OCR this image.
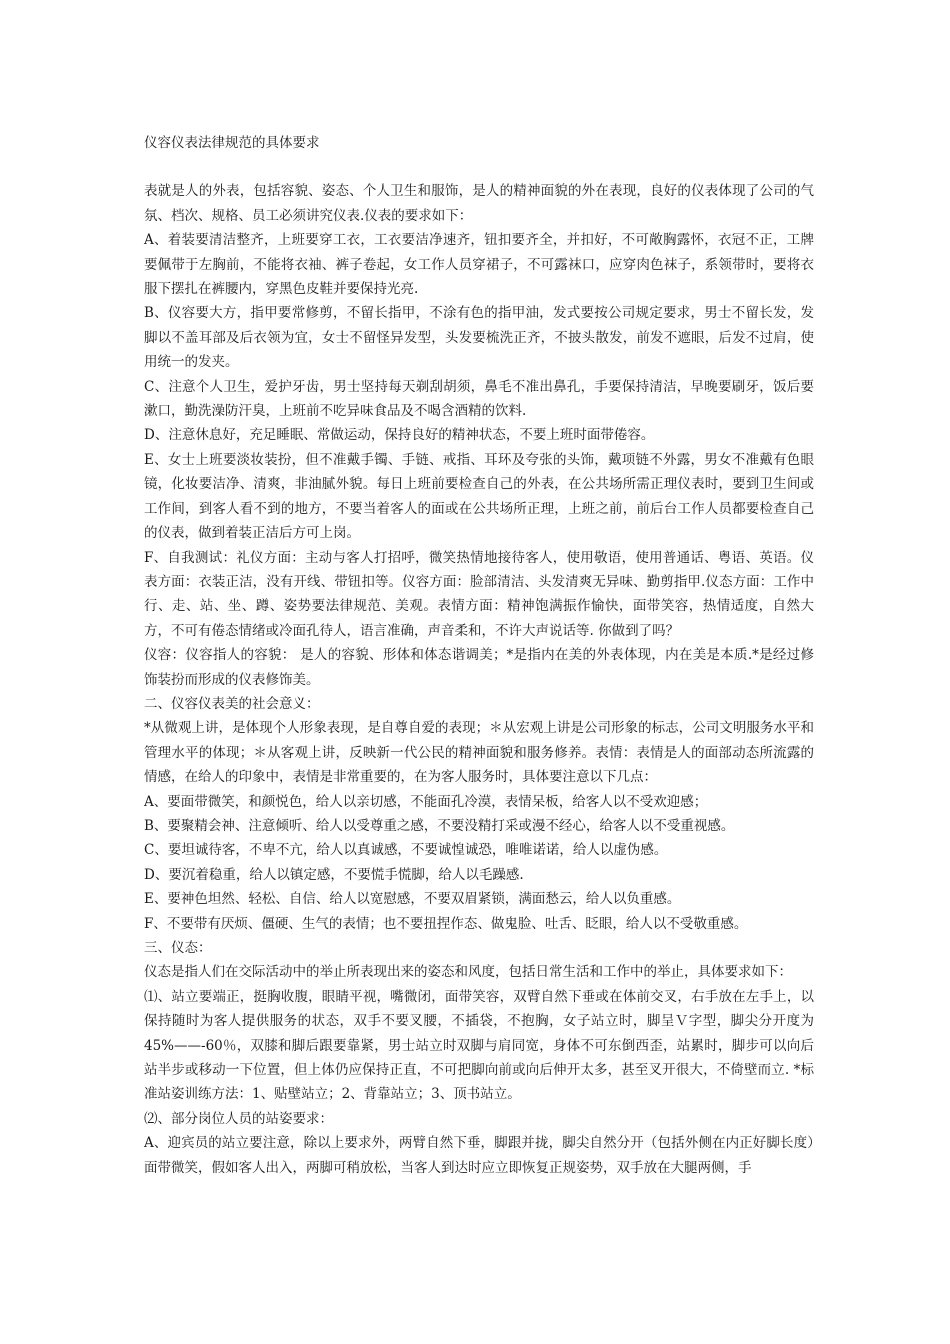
仪容仪表法律规范的具体要求

表就是人的外表，包括容貌、姿态、个人卫生和服饰，是人的精神面貌的外在表现，良好的仪表体现了公司的气氛、档次、规格、员工必须讲究仪表.仪表的要求如下：

A、着装要清洁整齐，上班要穿工衣，工衣要洁净速齐，钮扣要齐全，并扣好，不可敞胸露怀，衣冠不正，工牌要佩带于左胸前，不能将衣袖、裤子卷起，女工作人员穿裙子，不可露袜口，应穿肉色袜子，系领带时，要将衣服下摆扎在裤腰内，穿黑色皮鞋并要保持光亮.

B、仪容要大方，指甲要常修剪，不留长指甲，不涂有色的指甲油，发式要按公司规定要求，男士不留长发，发脚以不盖耳部及后衣领为宜，女士不留怪异发型，头发要梳洗正齐，不披头散发，前发不遮眼，后发不过肩，使用统一的发夹。

C、注意个人卫生，爱护牙齿，男士坚持每天剃刮胡须，鼻毛不准出鼻孔，手要保持清洁，早晚要刷牙，饭后要漱口，勤洗澡防汗臭，上班前不吃异味食品及不喝含酒精的饮料.

D、注意休息好，充足睡眠、常做运动，保持良好的精神状态，不要上班时面带倦容。

E、女士上班要淡妆装扮，但不准戴手镯、手链、戒指、耳环及夸张的头饰，戴项链不外露，男女不准戴有色眼镜，化妆要洁净、清爽，非油腻外貌。每日上班前要检查自己的外表，在公共场所需正理仪表时，要到卫生间或工作间，到客人看不到的地方，不要当着客人的面或在公共场所正理，上班之前，前后台工作人员都要检查自己的仪表，做到着装正洁后方可上岗。

F、自我测试：礼仪方面：主动与客人打招呼，微笑热情地接待客人，使用敬语，使用普通话、粤语、英语。仪表方面：衣装正洁，没有开线、带钮扣等。仪容方面：脸部清洁、头发清爽无异味、勤剪指甲.仪态方面：工作中行、走、站、坐、蹲、姿势要法律规范、美观。表情方面：精神饱满振作愉快，面带笑容，热情适度，自然大方，不可有倦态情绪或冷面孔待人，语言准确，声音柔和，不许大声说话等. 你做到了吗？

仪容：仪容指人的容貌： 是人的容貌、形体和体态谐调美；*是指内在美的外表体现，内在美是本质.*是经过修饰装扮而形成的仪表修饰美。

二、仪容仪表美的社会意义：

*从微观上讲，是体现个人形象表现，是自尊自爱的表现；＊从宏观上讲是公司形象的标志，公司文明服务水平和管理水平的体现；＊从客观上讲，反映新一代公民的精神面貌和服务修养。表情：表情是人的面部动态所流露的情感，在给人的印象中，表情是非常重要的，在为客人服务时，具体要注意以下几点：

A、要面带微笑，和颜悦色，给人以亲切感，不能面孔冷漠，表情呆板，给客人以不受欢迎感；

B、要聚精会神、注意倾听、给人以受尊重之感，不要没精打采或漫不经心，给客人以不受重视感。

C、要坦诚待客，不卑不亢，给人以真诚感，不要诚惶诚恐，唯唯诺诺，给人以虚伪感。

D、要沉着稳重，给人以镇定感，不要慌手慌脚，给人以毛躁感.

E、要神色坦然、轻松、自信、给人以宽慰感，不要双眉紧锁，满面愁云，给人以负重感。

F、不要带有厌烦、僵硬、生气的表情；也不要扭捏作态、做鬼脸、吐舌、眨眼，给人以不受敬重感。

三、仪态：

仪态是指人们在交际活动中的举止所表现出来的姿态和风度，包括日常生活和工作中的举止，具体要求如下：

⑴、站立要端正，挺胸收腹，眼睛平视，嘴微闭，面带笑容，双臂自然下垂或在体前交叉，右手放在左手上，以保持随时为客人提供服务的状态，双手不要叉腰，不插袋，不抱胸，女子站立时，脚呈Ｖ字型，脚尖分开度为45%——-60％，双膝和脚后跟要靠紧，男士站立时双脚与肩同宽，身体不可东倒西歪，站累时，脚步可以向后站半步或移动一下位置，但上体仍应保持正直，不可把脚向前或向后伸开太多，甚至叉开很大，不倚壁而立. *标准站姿训练方法：1、贴壁站立；2、背靠站立；3、顶书站立。

⑵、部分岗位人员的站姿要求：

A、迎宾员的站立要注意，除以上要求外，两臂自然下垂，脚跟并拢，脚尖自然分开（包括外侧在内正好脚长度）面带微笑，假如客人出入，两脚可稍放松，当客人到达时应立即恢复正规姿势，双手放在大腿两侧，手
